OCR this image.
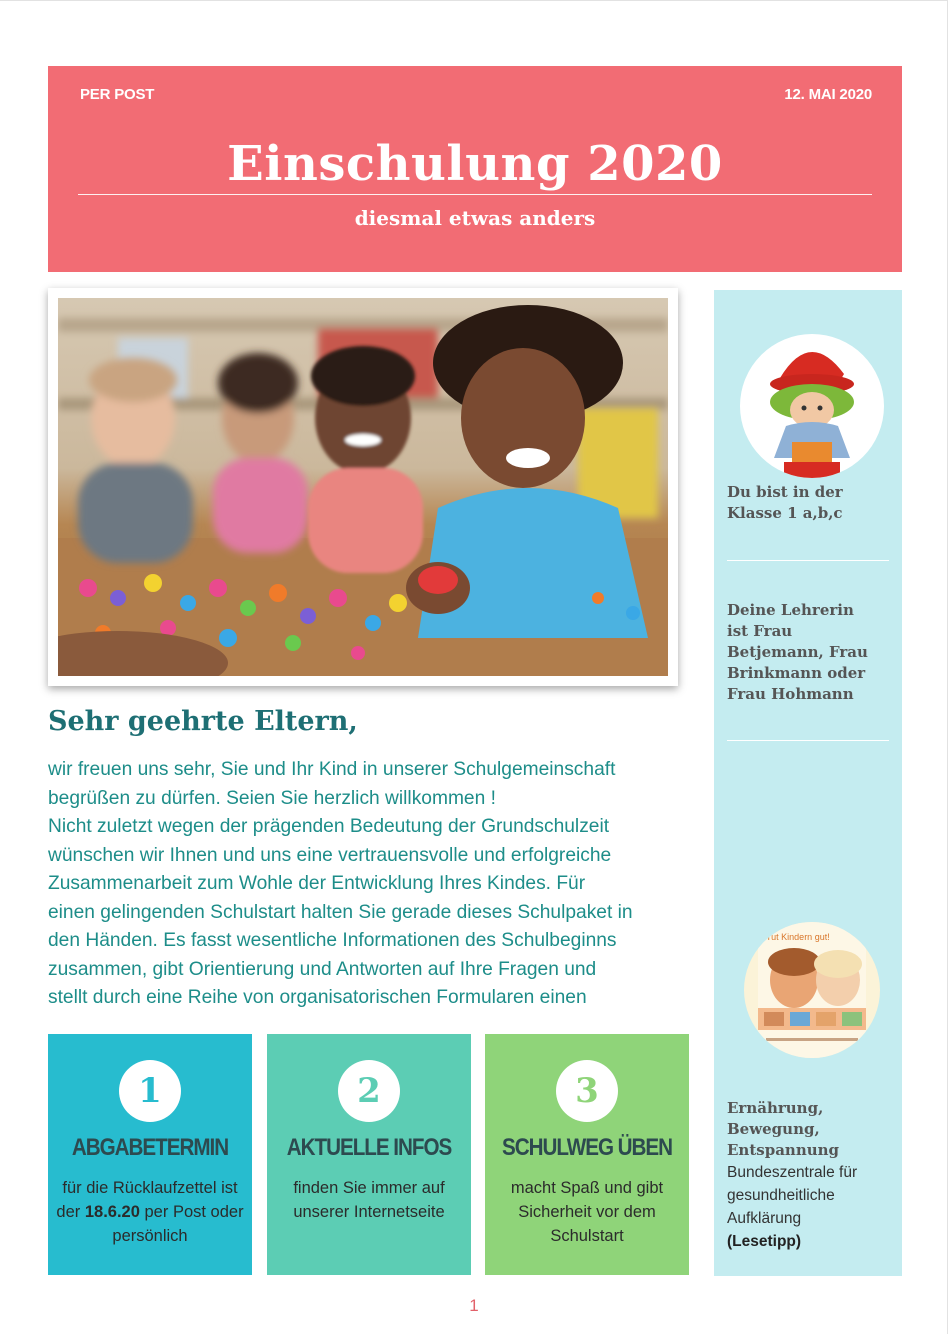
PER POST	12. MAI 2020
Einschulung 2020
diesmal etwas anders
Du bist in der
Klasse 1 a,b,c
Deine Lehrerin
ist Frau
Betjemann, Frau
Brinkmann oder
Frau Hohmann
Tut Kindern gut!
Ernährung,
Bewegung,
Entspannung
Bundeszentrale für
gesundheitliche
Aufklärung
(Lesetipp)
Sehr geehrte Eltern,
wir freuen uns sehr, Sie und Ihr Kind in unserer Schulgemeinschaft
begrüßen zu dürfen. Seien Sie herzlich willkommen !
Nicht zuletzt wegen der prägenden Bedeutung der Grundschulzeit
wünschen wir Ihnen und uns eine vertrauensvolle und erfolgreiche
Zusammenarbeit zum Wohle der Entwicklung Ihres Kindes. Für
einen gelingenden Schulstart halten Sie gerade dieses Schulpaket in
den Händen. Es fasst wesentliche Informationen des Schulbeginns
zusammen, gibt Orientierung und Antworten auf Ihre Fragen und
stellt durch eine Reihe von organisatorischen Formularen einen
1
ABGABETERMIN
für die Rücklaufzettel ist der 18.6.20 per Post oder persönlich
2
AKTUELLE INFOS
finden Sie immer auf unserer Internetseite
3
SCHULWEG ÜBEN
macht Spaß und gibt Sicherheit vor dem Schulstart
1
